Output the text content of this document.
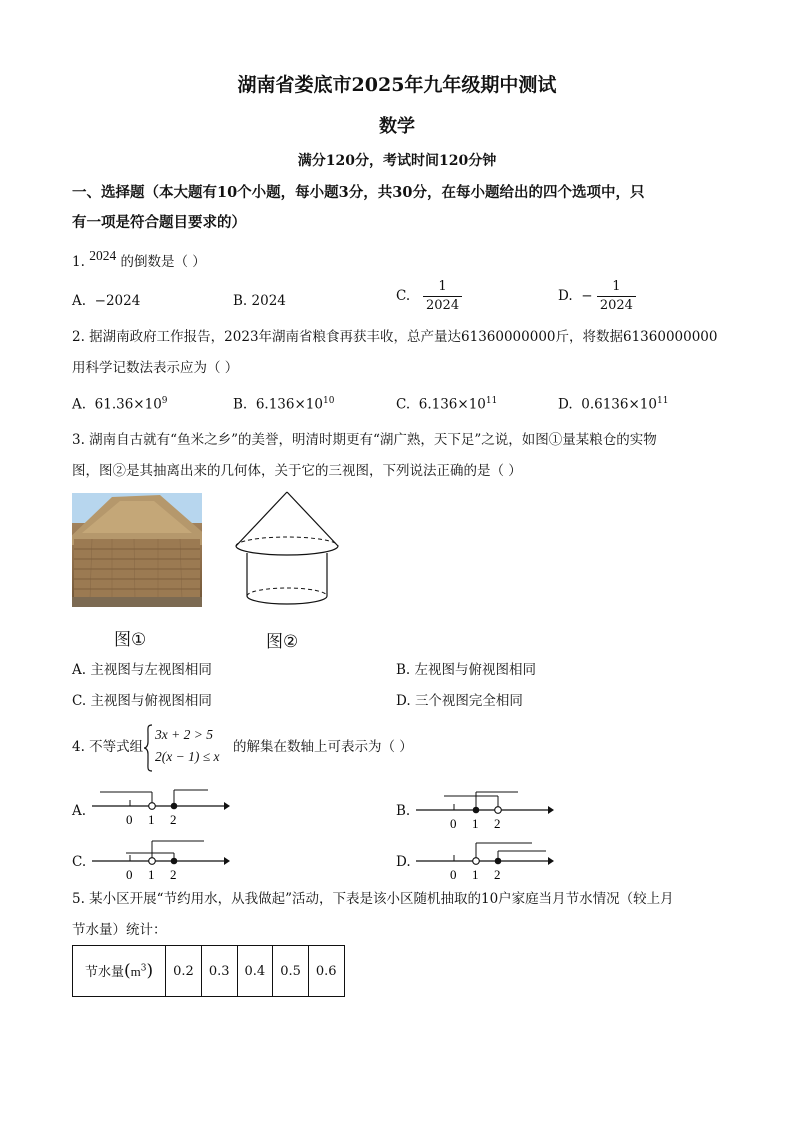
湖南省娄底市2025年九年级期中测试
数学
满分120分，考试时间120分钟
一、选择题（本大题有10个小题，每小题3分，共30分，在每小题给出的四个选项中，只
有一项是符合题目要求的）
1. 2024 的倒数是（ ）
A. −2024	B. 2024	C. $\frac{1}{2024}$	D. − $\frac{1}{2024}$
2. 据湖南政府工作报告，2023年湖南省粮食再获丰收，总产量达61360000000斤，将数据61360000000
用科学记数法表示应为（ ）
A. $61.36\times 10^9$	B. $6.136\times 10^{10}$	C. $6.136\times 10^{11}$	D. $0.6136\times 10^{11}$
3. 湖南自古就有“鱼米之乡”的美誉，明清时期更有“湖广熟，天下足”之说，如图①量某粮仓的实物
图，图②是其抽离出来的几何体，关于它的三视图，下列说法正确的是（ ）
图①	图②
A. 主视图与左视图相同	B. 左视图与俯视图相同
C. 主视图与俯视图相同	D. 三个视图完全相同
4. 不等式组
3x + 2 > 5
2(x − 1) ≤ x
的解集在数轴上可表示为（ ）
A.
0 1 2
B.
0 1 2
C.
0 1 2
D.
0 1 2
5. 某小区开展“节约用水，从我做起”活动，下表是该小区随机抽取的10户家庭当月节水情况（较上月
节水量）统计：
节水量$(m^3)$	0.2	0.3	0.4	0.5	0.6
